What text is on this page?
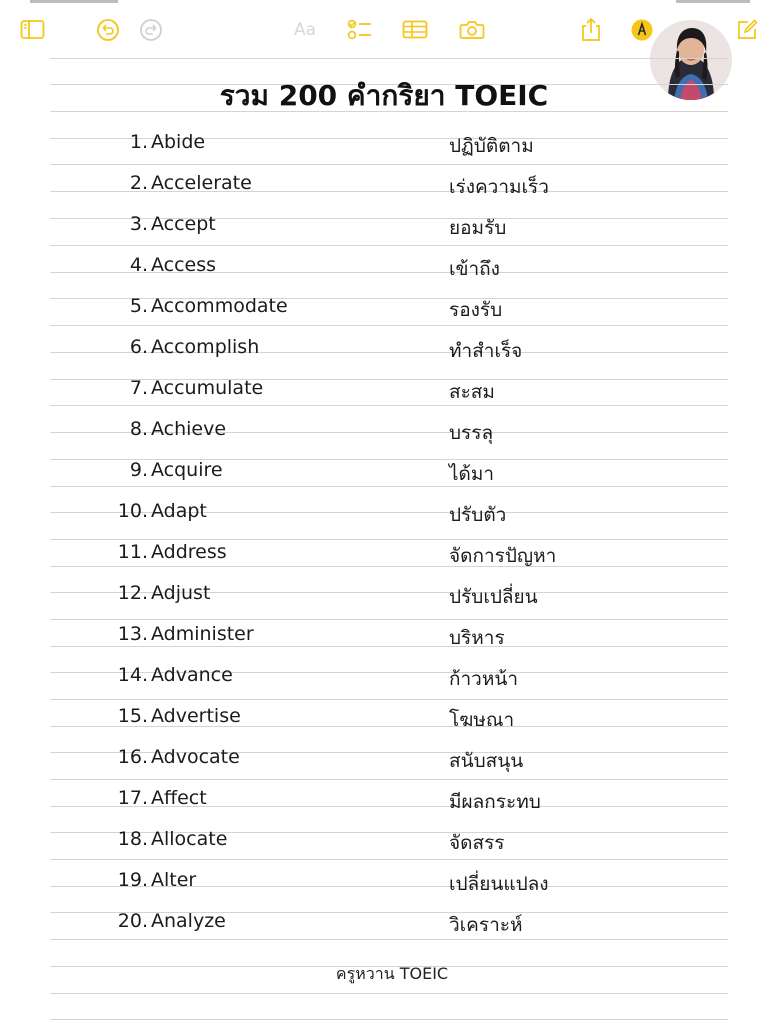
Aa
รวม 200 คำกริยา TOEIC
1. Abide	ปฏิบัติตาม
2. Accelerate	เร่งความเร็ว
3. Accept	ยอมรับ
4. Access	เข้าถึง
5. Accommodate	รองรับ
6. Accomplish	ทำสำเร็จ
7. Accumulate	สะสม
8. Achieve	บรรลุ
9. Acquire	ได้มา
10. Adapt	ปรับตัว
11. Address	จัดการปัญหา
12. Adjust	ปรับเปลี่ยน
13. Administer	บริหาร
14. Advance	ก้าวหน้า
15. Advertise	โฆษณา
16. Advocate	สนับสนุน
17. Affect	มีผลกระทบ
18. Allocate	จัดสรร
19. Alter	เปลี่ยนแปลง
20. Analyze	วิเคราะห์
ครูหวาน TOEIC
